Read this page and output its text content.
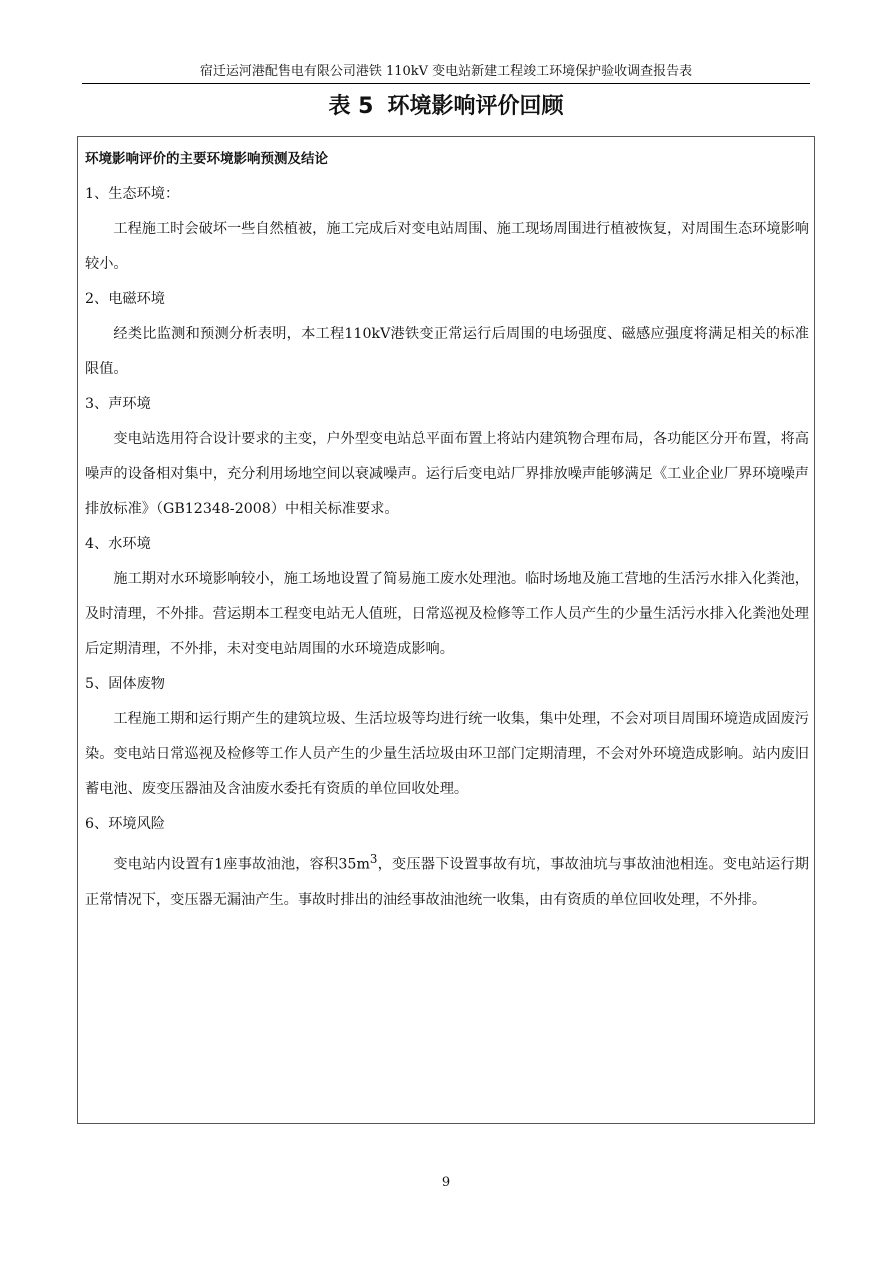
宿迁运河港配售电有限公司港铁 110kV 变电站新建工程竣工环境保护验收调查报告表
表 5 环境影响评价回顾

环境影响评价的主要环境影响预测及结论

1、生态环境：

工程施工时会破坏一些自然植被，施工完成后对变电站周围、施工现场周围进行植被恢复，对周围生态环境影响较小。

2、电磁环境

经类比监测和预测分析表明，本工程110kV港铁变正常运行后周围的电场强度、磁感应强度将满足相关的标准限值。

3、声环境

变电站选用符合设计要求的主变，户外型变电站总平面布置上将站内建筑物合理布局，各功能区分开布置，将高噪声的设备相对集中，充分利用场地空间以衰减噪声。运行后变电站厂界排放噪声能够满足《工业企业厂界环境噪声排放标准》（GB12348-2008）中相关标准要求。

4、水环境

施工期对水环境影响较小，施工场地设置了简易施工废水处理池。临时场地及施工营地的生活污水排入化粪池，及时清理，不外排。营运期本工程变电站无人值班，日常巡视及检修等工作人员产生的少量生活污水排入化粪池处理后定期清理，不外排，未对变电站周围的水环境造成影响。

5、固体废物

工程施工期和运行期产生的建筑垃圾、生活垃圾等均进行统一收集，集中处理，不会对项目周围环境造成固废污染。变电站日常巡视及检修等工作人员产生的少量生活垃圾由环卫部门定期清理，不会对外环境造成影响。站内废旧蓄电池、废变压器油及含油废水委托有资质的单位回收处理。

6、环境风险

变电站内设置有1座事故油池，容积$35m^3$，变压器下设置事故有坑，事故油坑与事故油池相连。变电站运行期正常情况下，变压器无漏油产生。事故时排出的油经事故油池统一收集，由有资质的单位回收处理，不外排。

9
